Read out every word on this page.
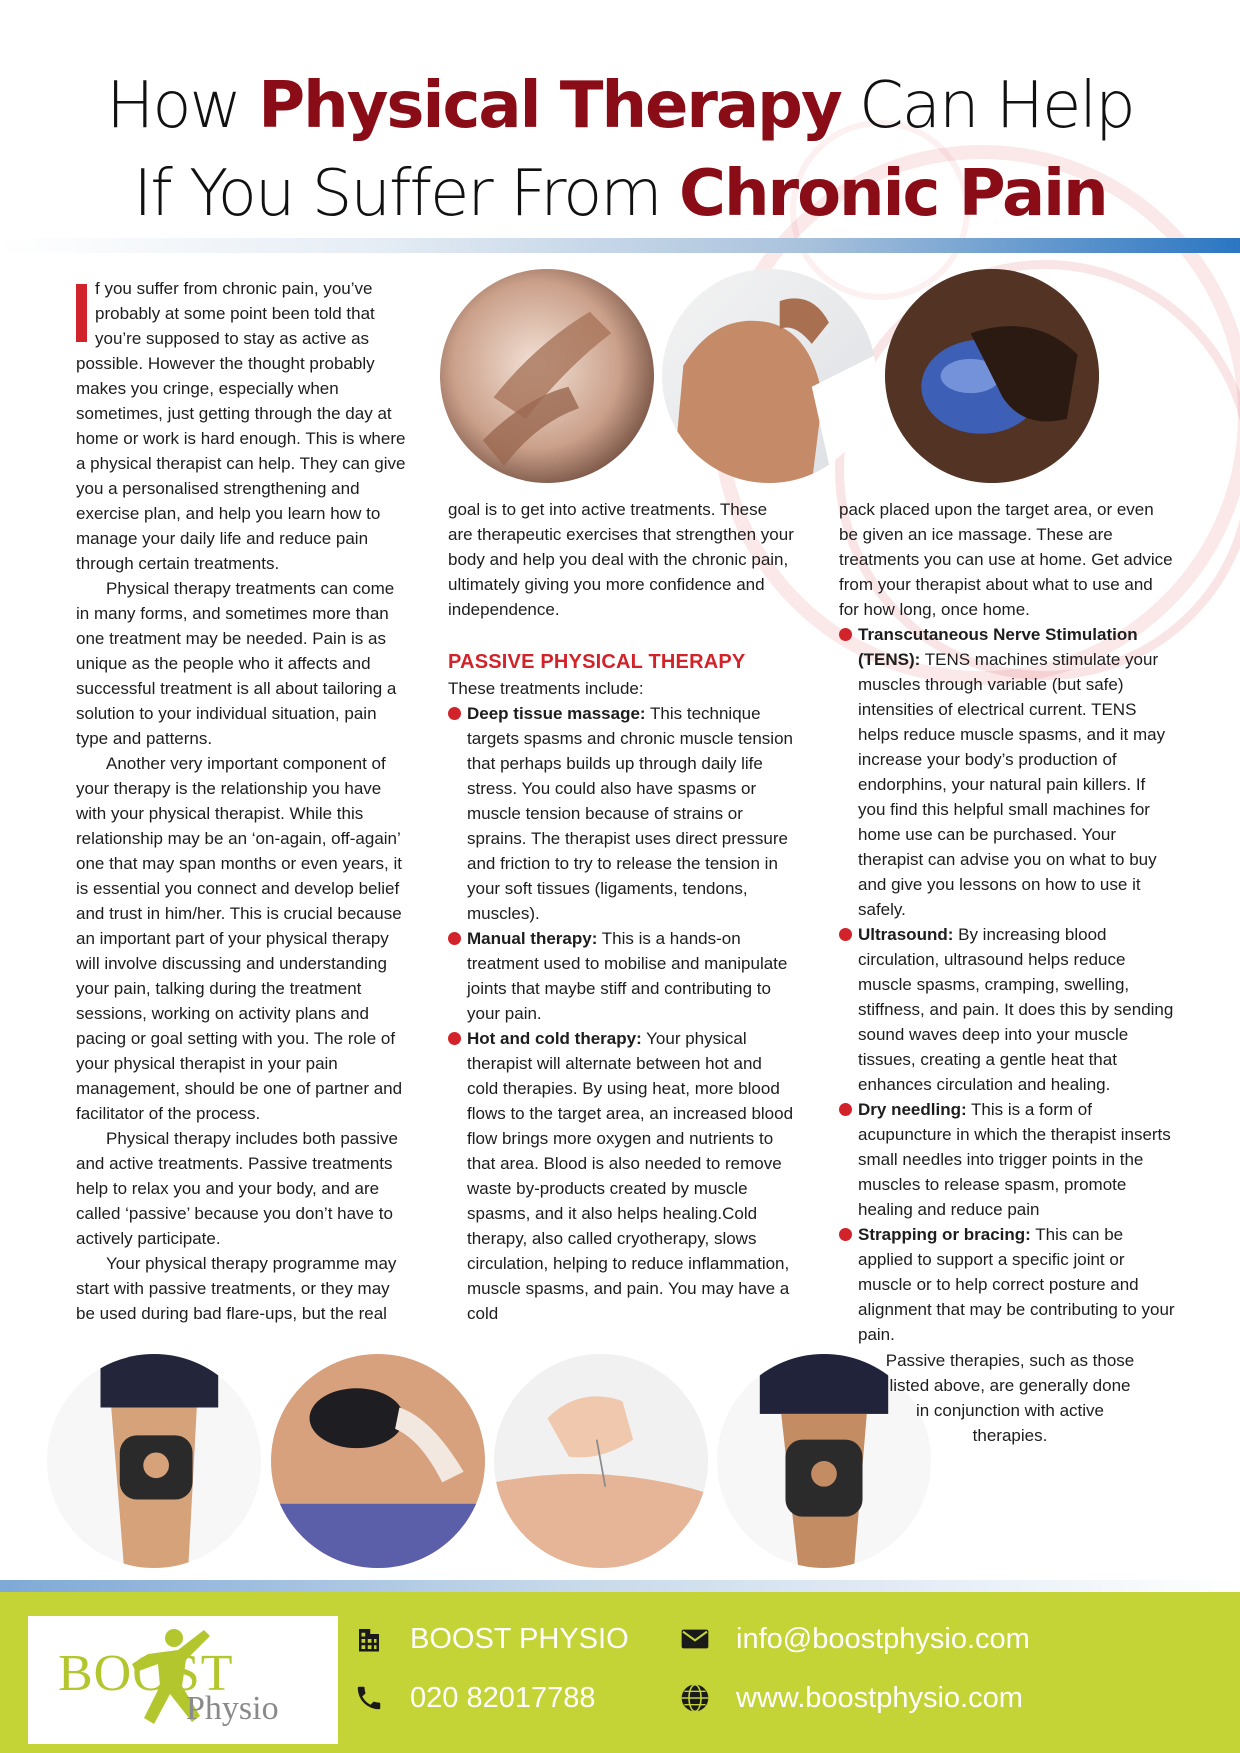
How Physical Therapy Can Help
If You Suffer From Chronic Pain

f you suffer from chronic pain, you’ve probably at some point been told that you’re supposed to stay as active as possible. However the thought probably makes you cringe, especially when sometimes, just getting through the day at home or work is hard enough. This is where a physical therapist can help. They can give you a personalised strengthening and exercise plan, and help you learn how to manage your daily life and reduce pain through certain treatments.

Physical therapy treatments can come in many forms, and sometimes more than one treatment may be needed. Pain is as unique as the people who it affects and successful treatment is all about tailoring a solution to your individual situation, pain type and patterns.

Another very important component of your therapy is the relationship you have with your physical therapist. While this relationship may be an ‘on-again, off-again’ one that may span months or even years, it is essential you connect and develop belief and trust in him/her. This is crucial because an important part of your physical therapy will involve discussing and understanding your pain, talking during the treatment sessions, working on activity plans and pacing or goal setting with you. The role of your physical therapist in your pain management, should be one of partner and facilitator of the process.

Physical therapy includes both passive and active treatments. Passive treatments help to relax you and your body, and are called ‘passive’ because you don’t have to actively participate.

Your physical therapy programme may start with passive treatments, or they may be used during bad flare-ups, but the real

goal is to get into active treatments. These are therapeutic exercises that strengthen your body and help you deal with the chronic pain, ultimately giving you more confidence and independence.

PASSIVE PHYSICAL THERAPY

These treatments include:

Deep tissue massage: This technique targets spasms and chronic muscle tension that perhaps builds up through daily life stress. You could also have spasms or muscle tension because of strains or sprains. The therapist uses direct pressure and friction to try to release the tension in your soft tissues (ligaments, tendons, muscles).
Manual therapy: This is a hands-on treatment used to mobilise and manipulate joints that maybe stiff and contributing to your pain.
Hot and cold therapy: Your physical therapist will alternate between hot and cold therapies. By using heat, more blood flows to the target area, an increased blood flow brings more oxygen and nutrients to that area. Blood is also needed to remove waste by-products created by muscle spasms, and it also helps healing.Cold therapy, also called cryotherapy, slows circulation, helping to reduce inflammation, muscle spasms, and pain. You may have a cold

pack placed upon the target area, or even be given an ice massage. These are treatments you can use at home. Get advice from your therapist about what to use and for how long, once home.

Transcutaneous Nerve Stimulation (TENS): TENS machines stimulate your muscles through variable (but safe) intensities of electrical current. TENS helps reduce muscle spasms, and it may increase your body’s production of endorphins, your natural pain killers. If you find this helpful small machines for home use can be purchased. Your therapist can advise you on what to buy and give you lessons on how to use it safely.
Ultrasound: By increasing blood circulation, ultrasound helps reduce muscle spasms, cramping, swelling, stiffness, and pain. It does this by sending sound waves deep into your muscle tissues, creating a gentle heat that enhances circulation and healing.
Dry needling: This is a form of acupuncture in which the therapist inserts small needles into trigger points in the muscles to release spasm, promote healing and reduce pain
Strapping or bracing: This can be applied to support a specific joint or muscle or to help correct posture and alignment that may be contributing to your pain.

Passive therapies, such as those listed above, are generally done in conjunction with active therapies.

BOOST
Physio
BOOST PHYSIO
020 82017788
info@boostphysio.com
www.boostphysio.com
